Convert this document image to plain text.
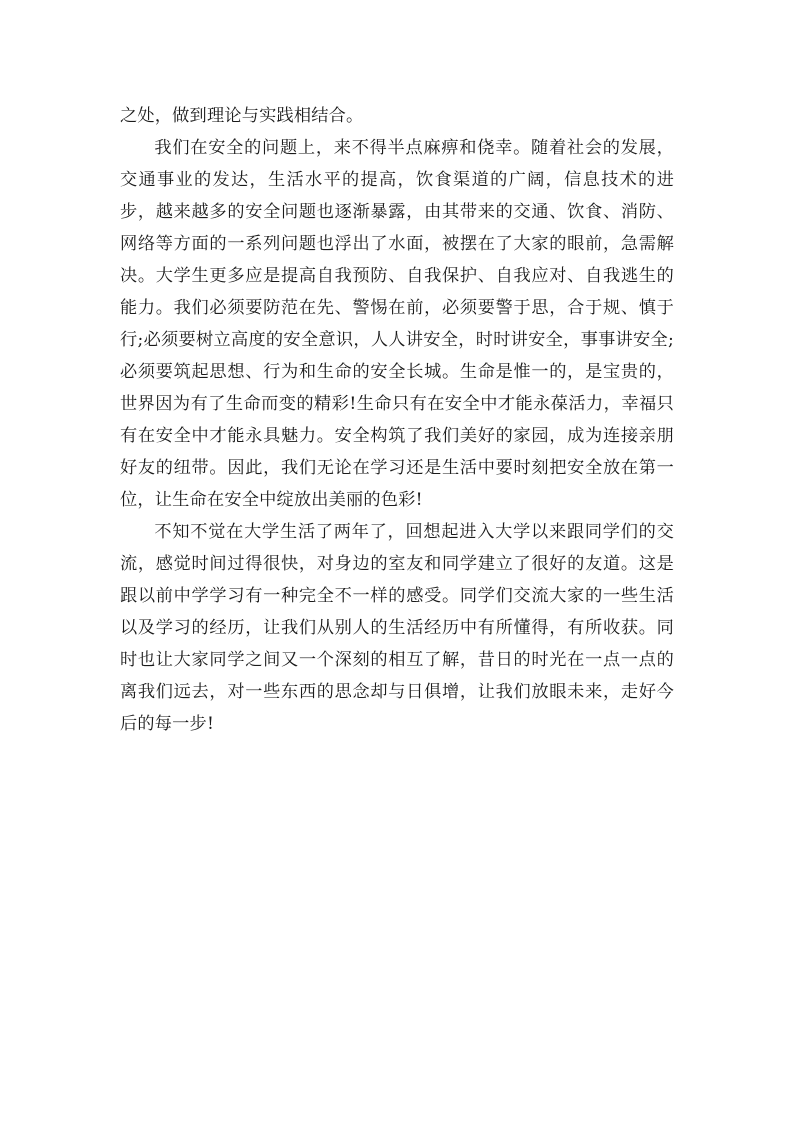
之处，做到理论与实践相结合。

我们在安全的问题上，来不得半点麻痹和侥幸。随着社会的发展，交通事业的发达，生活水平的提高，饮食渠道的广阔，信息技术的进步，越来越多的安全问题也逐渐暴露，由其带来的交通、饮食、消防、网络等方面的一系列问题也浮出了水面，被摆在了大家的眼前，急需解决。大学生更多应是提高自我预防、自我保护、自我应对、自我逃生的能力。我们必须要防范在先、警惕在前，必须要警于思，合于规、慎于行;必须要树立高度的安全意识，人人讲安全，时时讲安全，事事讲安全;必须要筑起思想、行为和生命的安全长城。生命是惟一的，是宝贵的，世界因为有了生命而变的精彩!生命只有在安全中才能永葆活力，幸福只有在安全中才能永具魅力。安全构筑了我们美好的家园，成为连接亲朋好友的纽带。因此，我们无论在学习还是生活中要时刻把安全放在第一位，让生命在安全中绽放出美丽的色彩!

不知不觉在大学生活了两年了，回想起进入大学以来跟同学们的交流，感觉时间过得很快，对身边的室友和同学建立了很好的友道。这是跟以前中学学习有一种完全不一样的感受。同学们交流大家的一些生活以及学习的经历，让我们从别人的生活经历中有所懂得，有所收获。同时也让大家同学之间又一个深刻的相互了解，昔日的时光在一点一点的离我们远去，对一些东西的思念却与日俱增，让我们放眼未来，走好今后的每一步!
